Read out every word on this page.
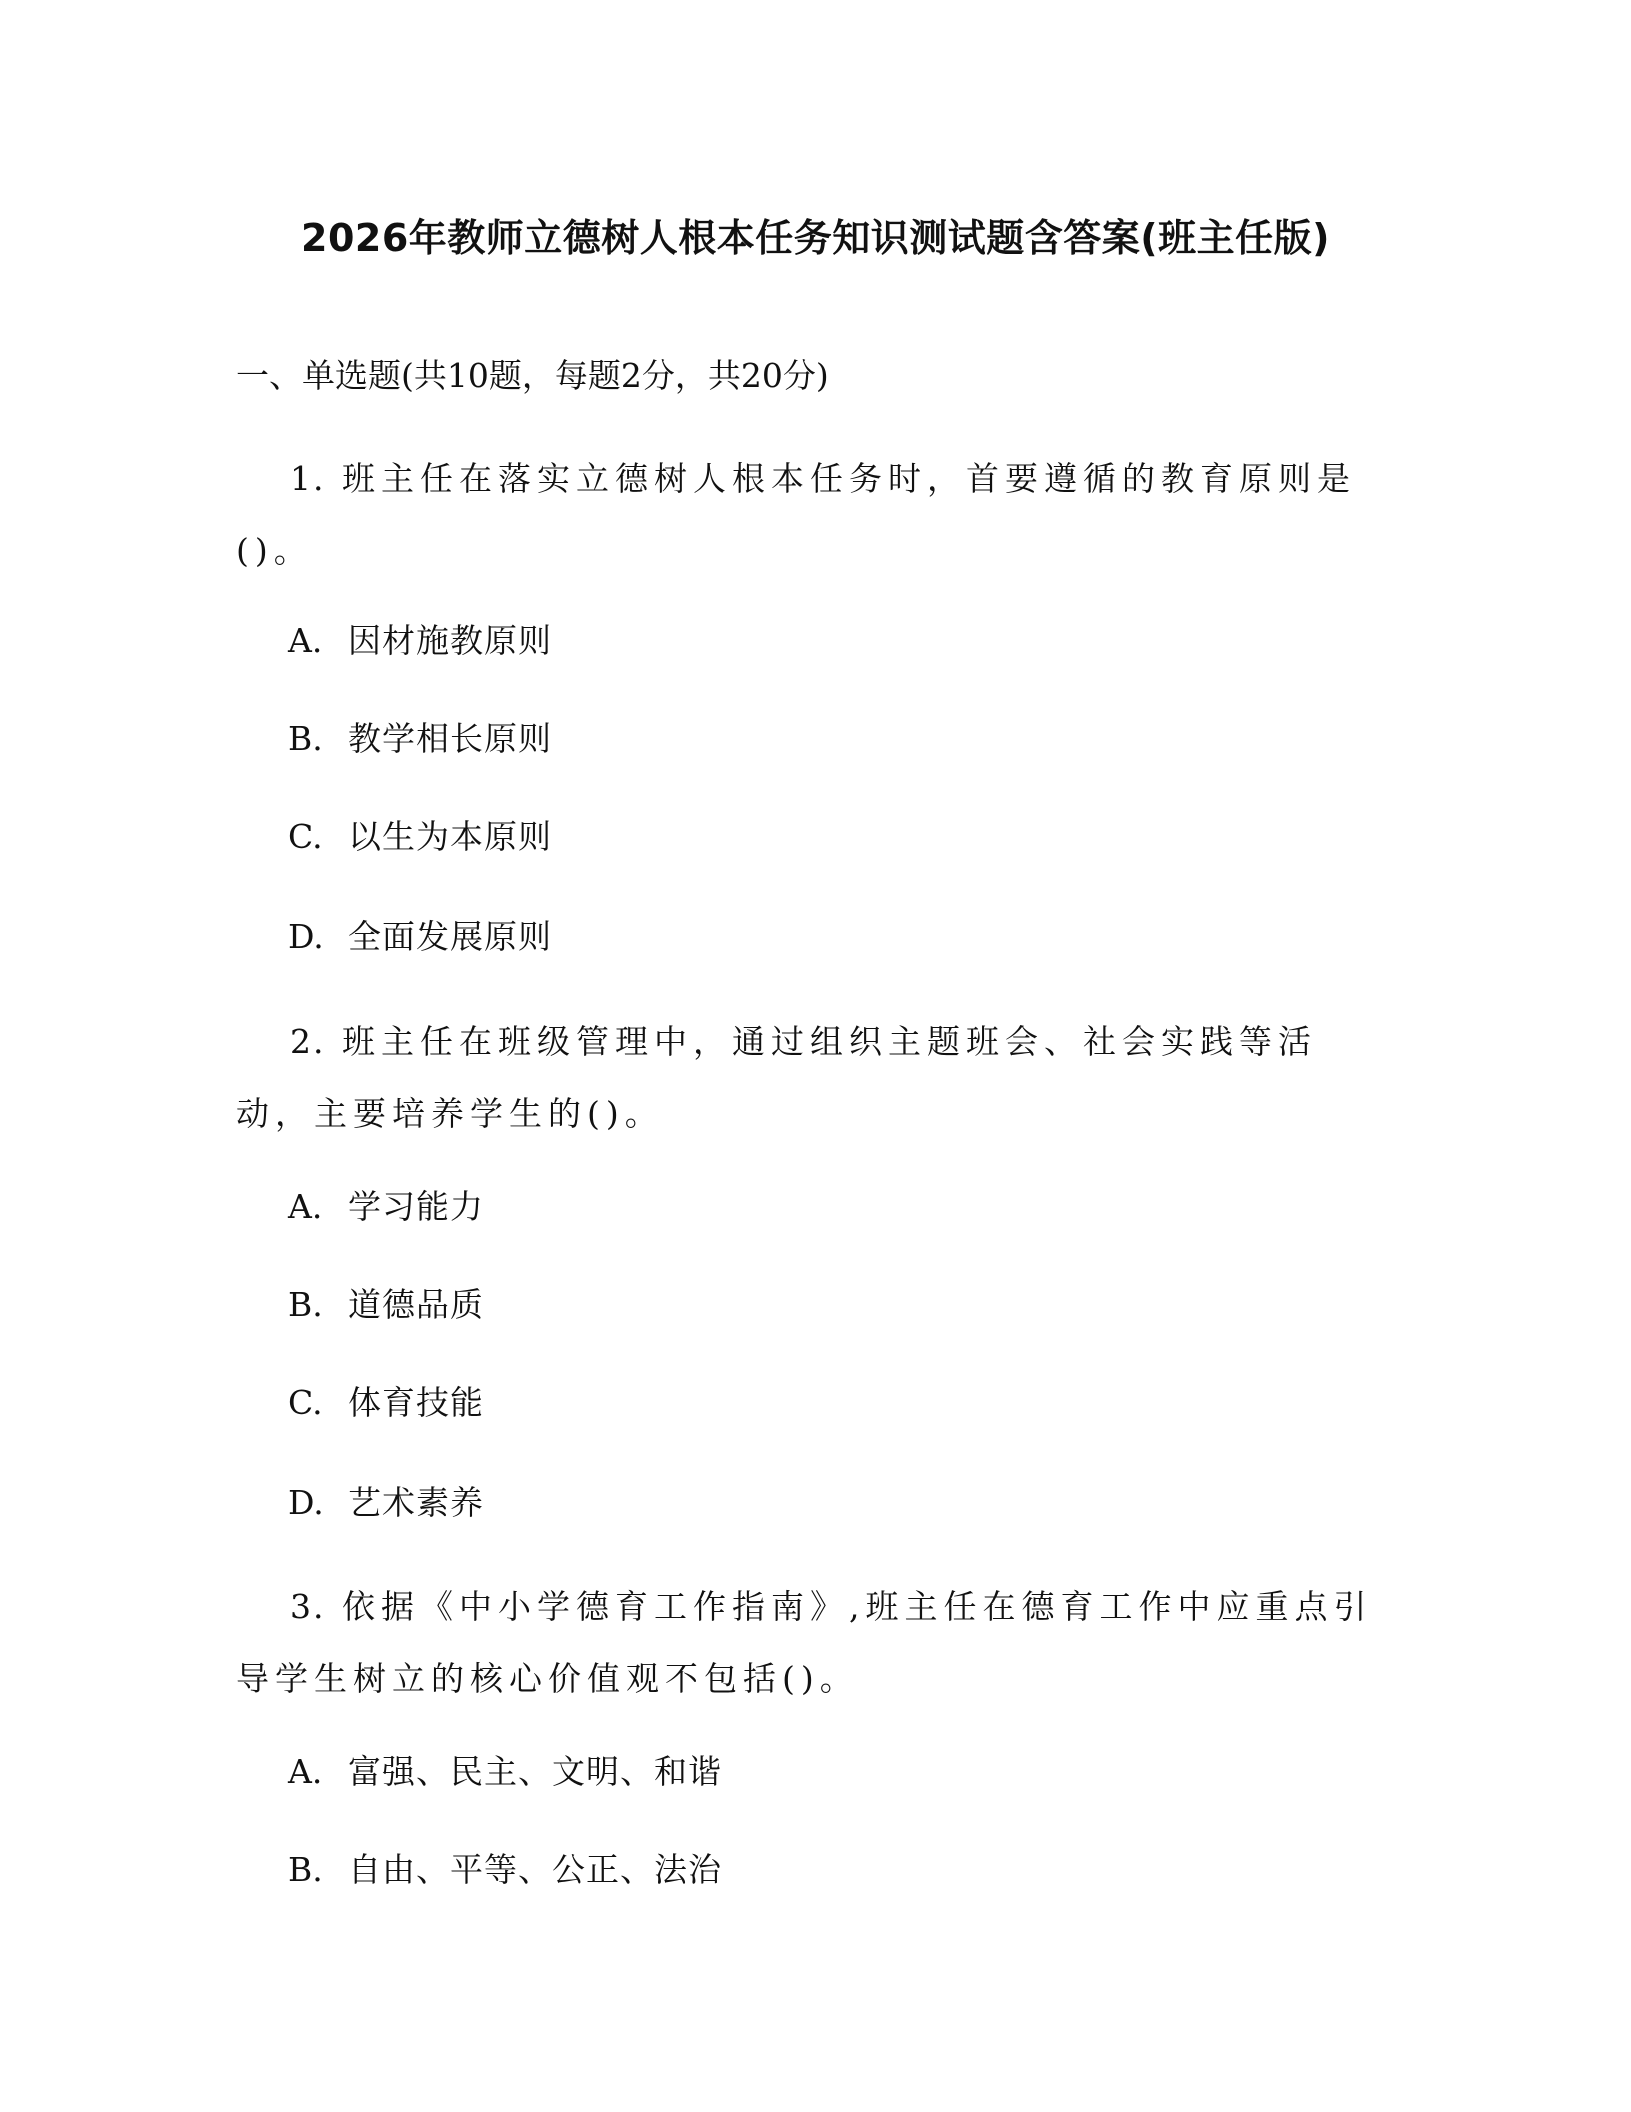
2026年教师立德树人根本任务知识测试题含答案(班主任版)
一、单选题(共10题，每题2分，共20分)
1. 班主任在落实立德树人根本任务时，首要遵循的教育原则是()。
A. 因材施教原则
B. 教学相长原则
C. 以生为本原则
D. 全面发展原则
2. 班主任在班级管理中，通过组织主题班会、社会实践等活动，主要培养学生的()。
A. 学习能力
B. 道德品质
C. 体育技能
D. 艺术素养
3. 依据《中小学德育工作指南》,班主任在德育工作中应重点引导学生树立的核心价值观不包括()。
A. 富强、民主、文明、和谐
B. 自由、平等、公正、法治
